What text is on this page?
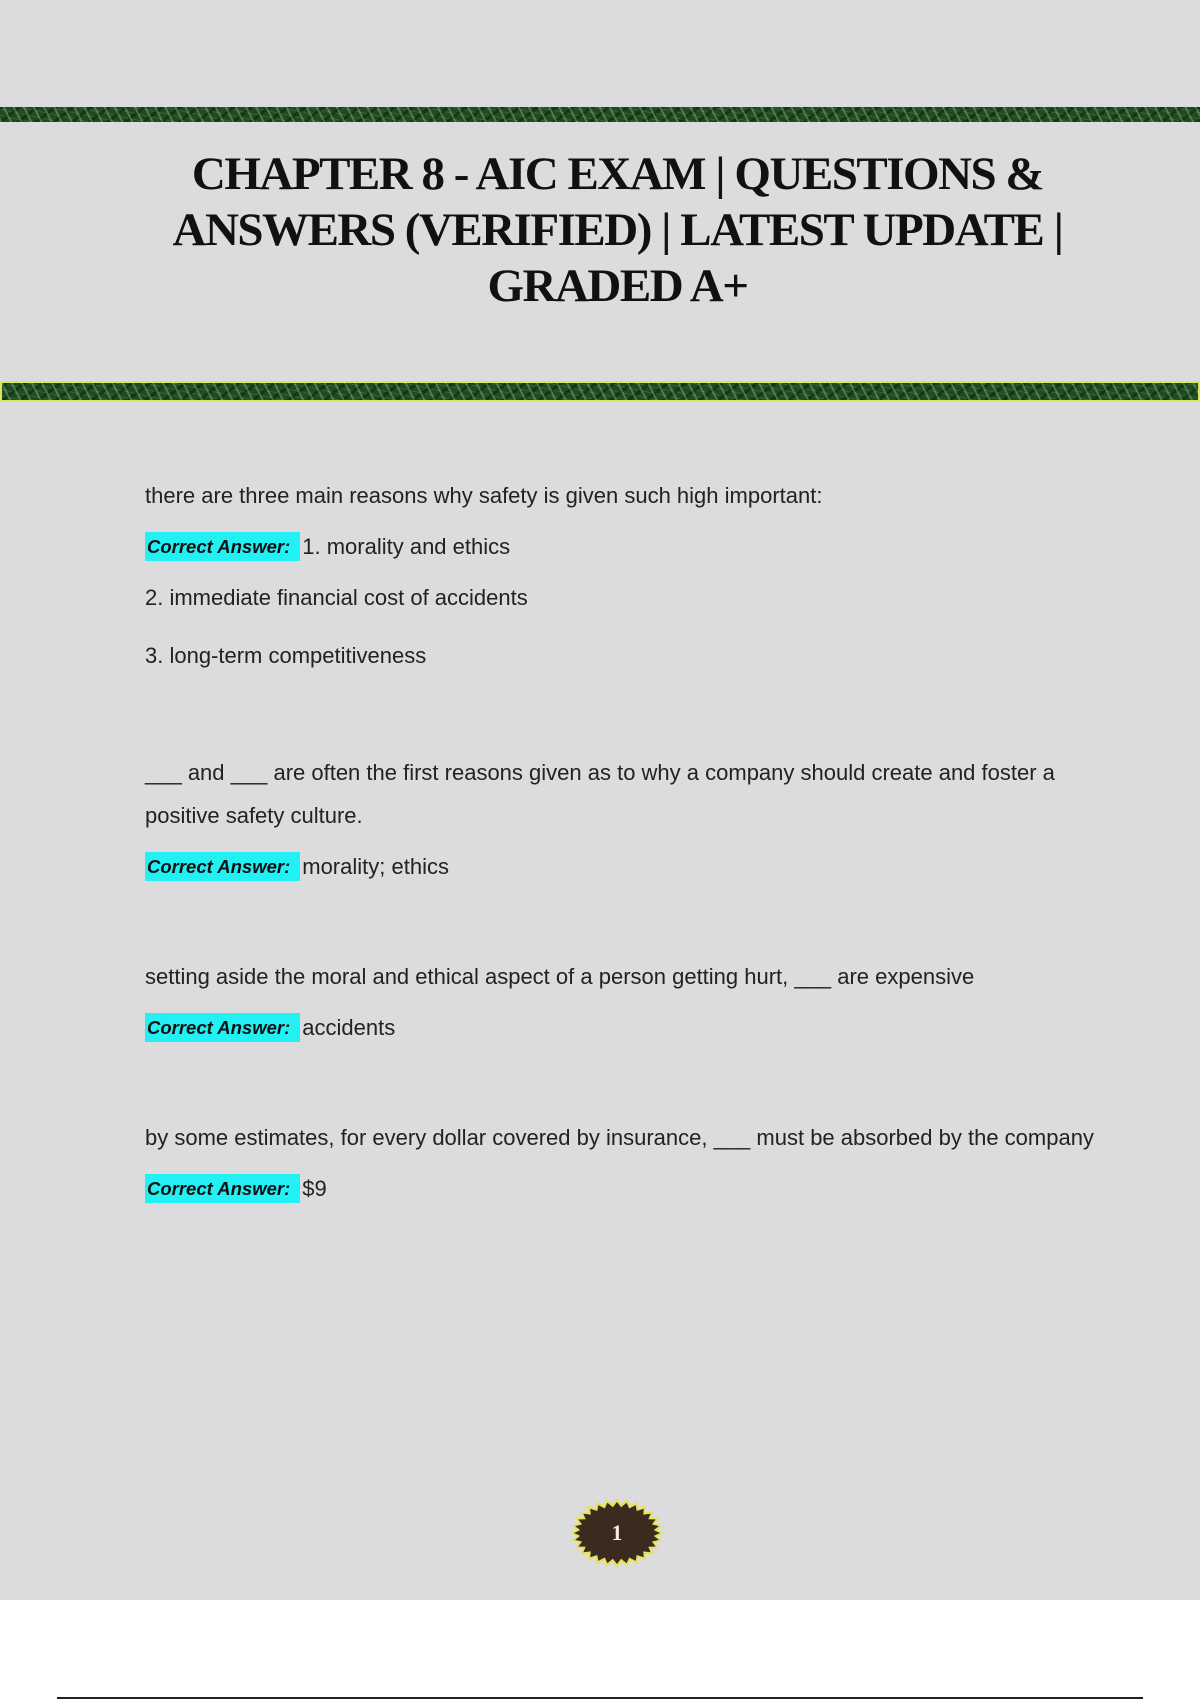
CHAPTER 8 - AIC EXAM | QUESTIONS & ANSWERS (VERIFIED) | LATEST UPDATE | GRADED A+

there are three main reasons why safety is given such high important:

Correct Answer: 1. morality and ethics

2. immediate financial cost of accidents

3. long-term competitiveness

___ and ___ are often the first reasons given as to why a company should create and foster a positive safety culture.

Correct Answer: morality; ethics

setting aside the moral and ethical aspect of a person getting hurt, ___ are expensive

Correct Answer: accidents

by some estimates, for every dollar covered by insurance, ___ must be absorbed by the company

Correct Answer: $9
1
